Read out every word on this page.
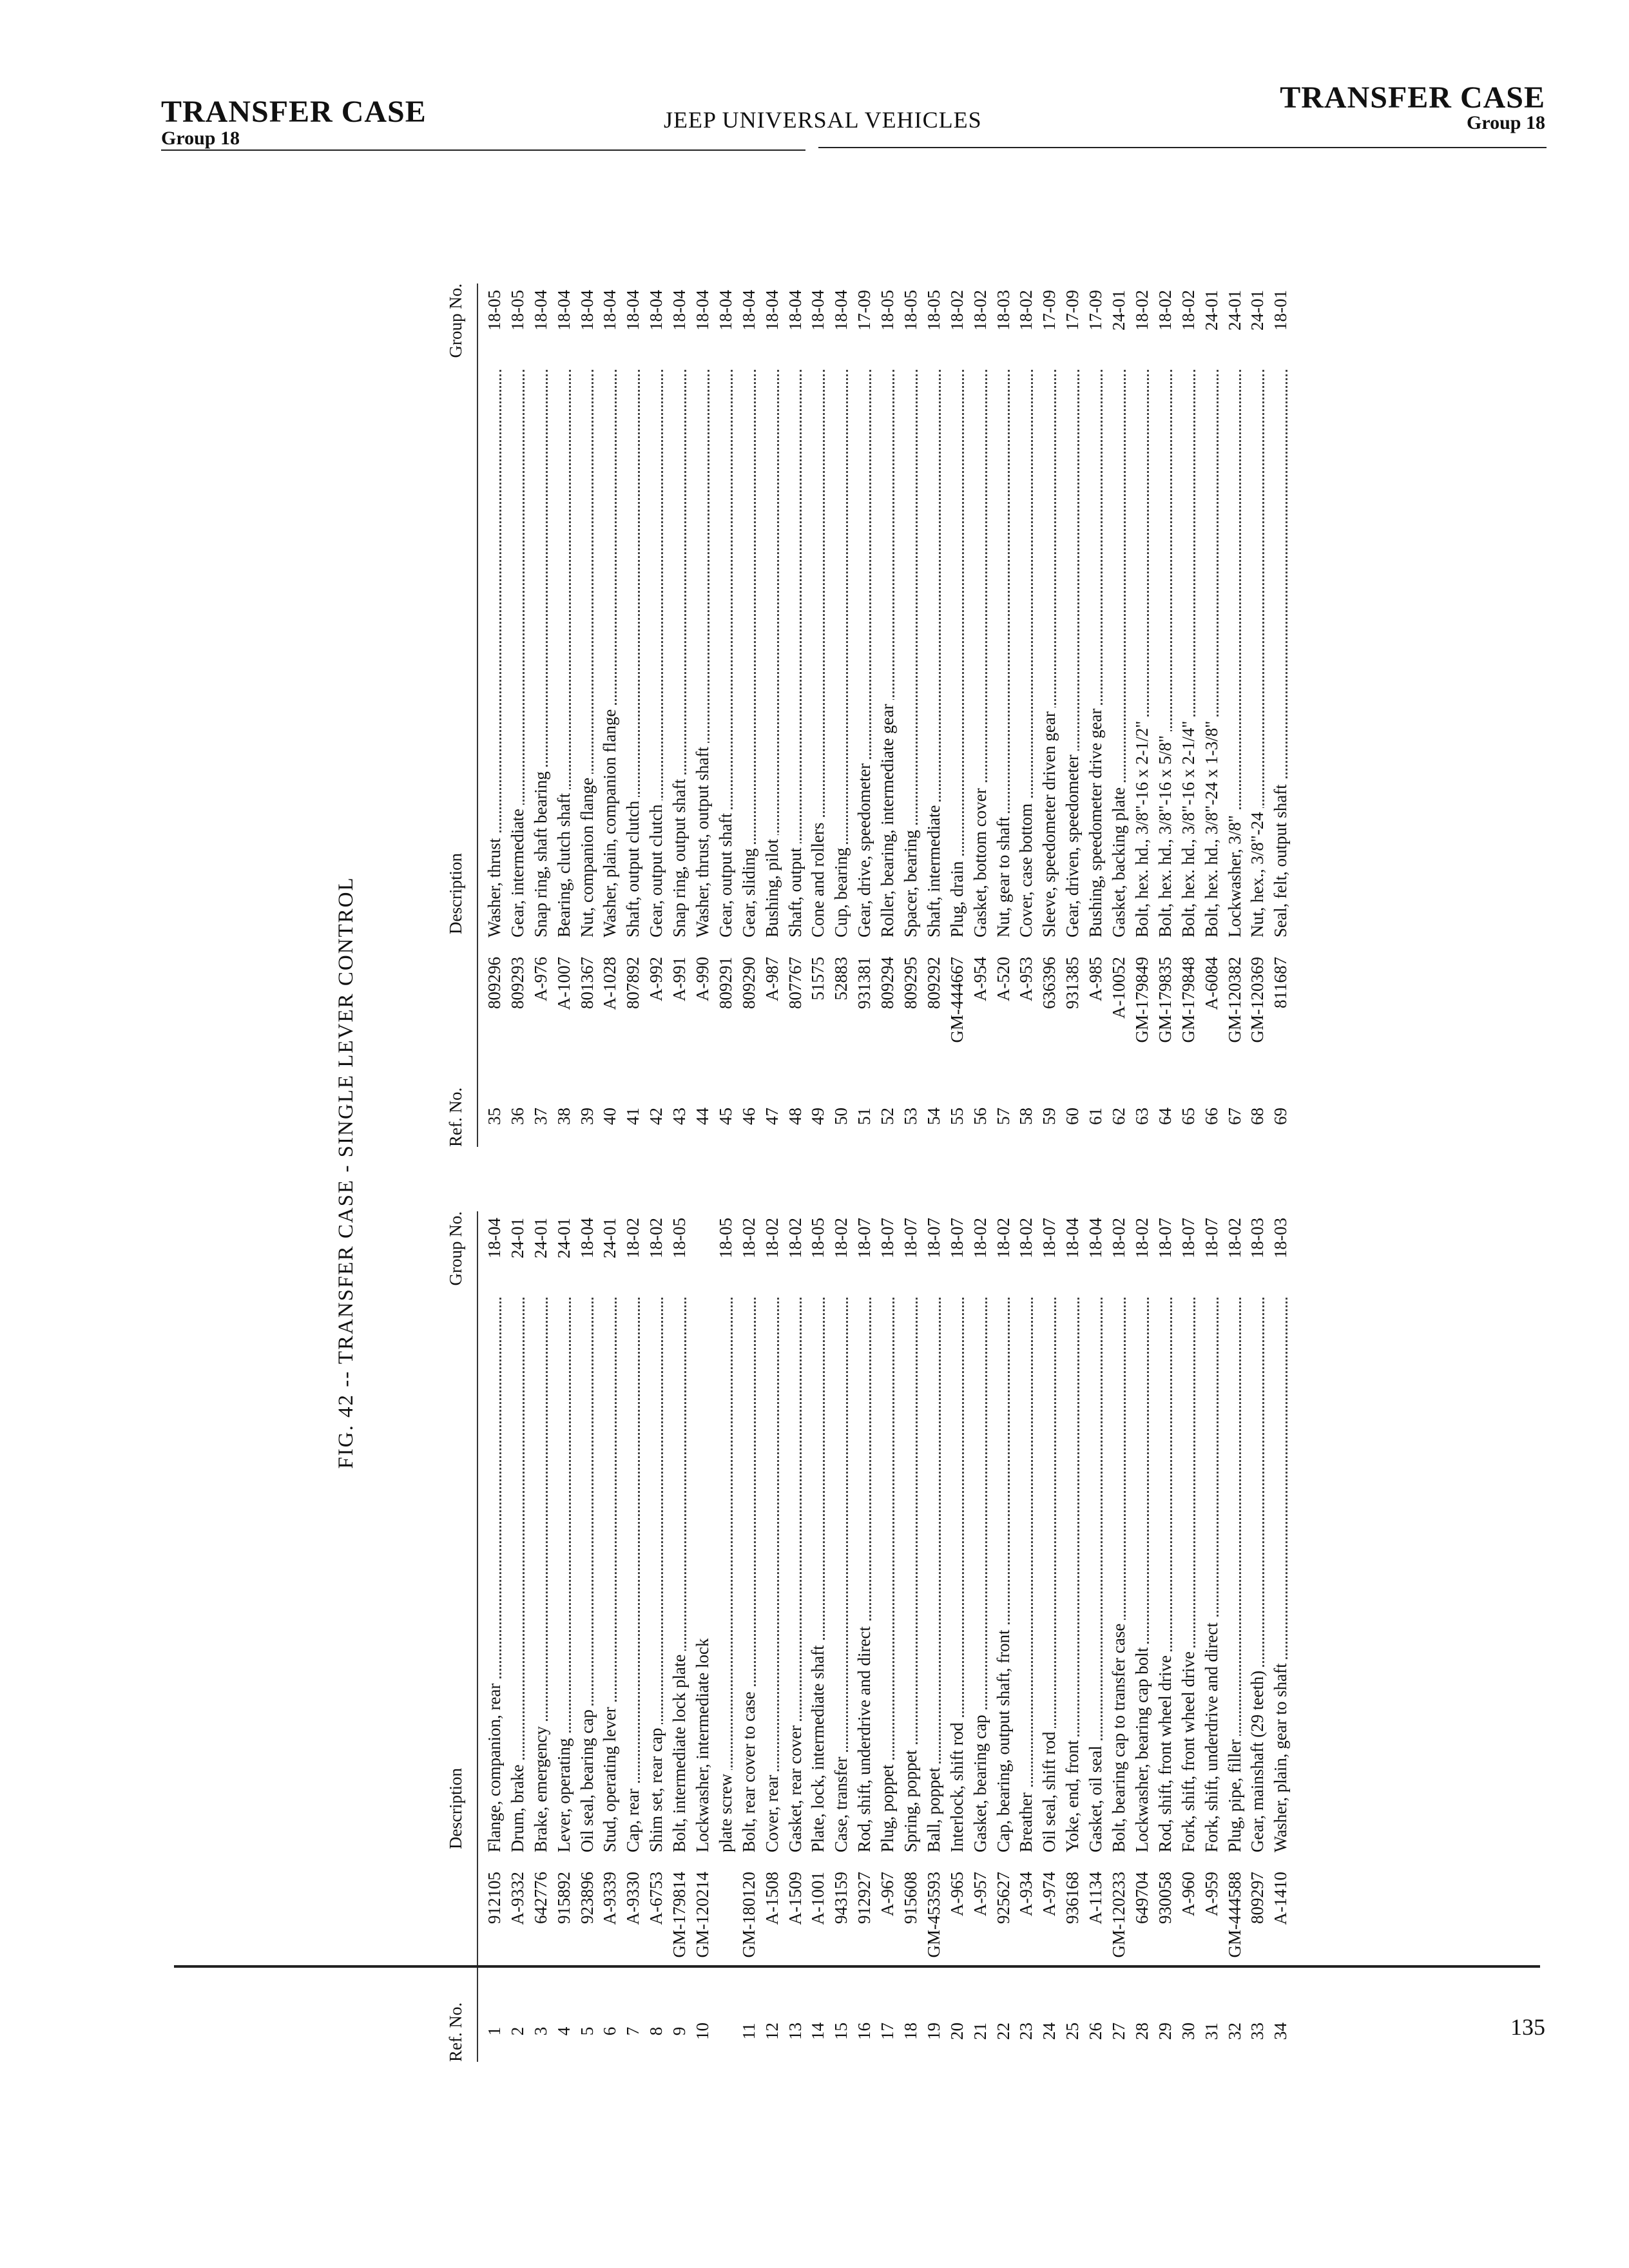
TRANSFER CASE
Group 18
JEEP UNIVERSAL VEHICLES
TRANSFER CASE
Group 18
FIG. 42 -- TRANSFER CASE - SINGLE LEVER CONTROL
Ref. No.
Description
Group No.
1
912105
Flange, companion, rear
18-04
2
A-9332
Drum, brake
24-01
3
642776
Brake, emergency
24-01
4
915892
Lever, operating
24-01
5
923896
Oil seal, bearing cap
18-04
6
A-9339
Stud, operating lever
24-01
7
A-9330
Cap, rear
18-02
8
A-6753
Shim set, rear cap
18-02
9
GM-179814
Bolt, intermediate lock plate
18-05
10
GM-120214
Lockwasher, intermediate lock plate screw
18-05
11
GM-180120
Bolt, rear cover to case
18-02
12
A-1508
Cover, rear
18-02
13
A-1509
Gasket, rear cover
18-02
14
A-1001
Plate, lock, intermediate shaft
18-05
15
943159
Case, transfer
18-02
16
912927
Rod, shift, underdrive and direct
18-07
17
A-967
Plug, poppet
18-07
18
915608
Spring, poppet
18-07
19
GM-453593
Ball, poppet
18-07
20
A-965
Interlock, shift rod
18-07
21
A-957
Gasket, bearing cap
18-02
22
925627
Cap, bearing, output shaft, front
18-02
23
A-934
Breather
18-02
24
A-974
Oil seal, shift rod
18-07
25
936168
Yoke, end, front
18-04
26
A-1134
Gasket, oil seal
18-04
27
GM-120233
Bolt, bearing cap to transfer case
18-02
28
649704
Lockwasher, bearing cap bolt
18-02
29
930058
Rod, shift, front wheel drive
18-07
30
A-960
Fork, shift, front wheel drive
18-07
31
A-959
Fork, shift, underdrive and direct
18-07
32
GM-444588
Plug, pipe, filler
18-02
33
809297
Gear, mainshaft (29 teeth)
18-03
34
A-1410
Washer, plain, gear to shaft
18-03
Ref. No.
Description
Group No.
35
809296
Washer, thrust
18-05
36
809293
Gear, intermediate
18-05
37
A-976
Snap ring, shaft bearing
18-04
38
A-1007
Bearing, clutch shaft
18-04
39
801367
Nut, companion flange
18-04
40
A-1028
Washer, plain, companion flange
18-04
41
807892
Shaft, output clutch
18-04
42
A-992
Gear, output clutch
18-04
43
A-991
Snap ring, output shaft
18-04
44
A-990
Washer, thrust, output shaft
18-04
45
809291
Gear, output shaft
18-04
46
809290
Gear, sliding
18-04
47
A-987
Bushing, pilot
18-04
48
807767
Shaft, output
18-04
49
51575
Cone and rollers
18-04
50
52883
Cup, bearing
18-04
51
931381
Gear, drive, speedometer
17-09
52
809294
Roller, bearing, intermediate gear
18-05
53
809295
Spacer, bearing
18-05
54
809292
Shaft, intermediate
18-05
55
GM-444667
Plug, drain
18-02
56
A-954
Gasket, bottom cover
18-02
57
A-520
Nut, gear to shaft
18-03
58
A-953
Cover, case bottom
18-02
59
636396
Sleeve, speedometer driven gear
17-09
60
931385
Gear, driven, speedometer
17-09
61
A-985
Bushing, speedometer drive gear
17-09
62
A-10052
Gasket, backing plate
24-01
63
GM-179849
Bolt, hex. hd., 3/8"-16 x 2-1/2"
18-02
64
GM-179835
Bolt, hex. hd., 3/8"-16 x 5/8"
18-02
65
GM-179848
Bolt, hex. hd., 3/8"-16 x 2-1/4"
18-02
66
A-6084
Bolt, hex. hd., 3/8"-24 x 1-3/8"
24-01
67
GM-120382
Lockwasher, 3/8"
24-01
68
GM-120369
Nut, hex., 3/8"-24
24-01
69
811687
Seal, felt, output shaft
18-01
135
